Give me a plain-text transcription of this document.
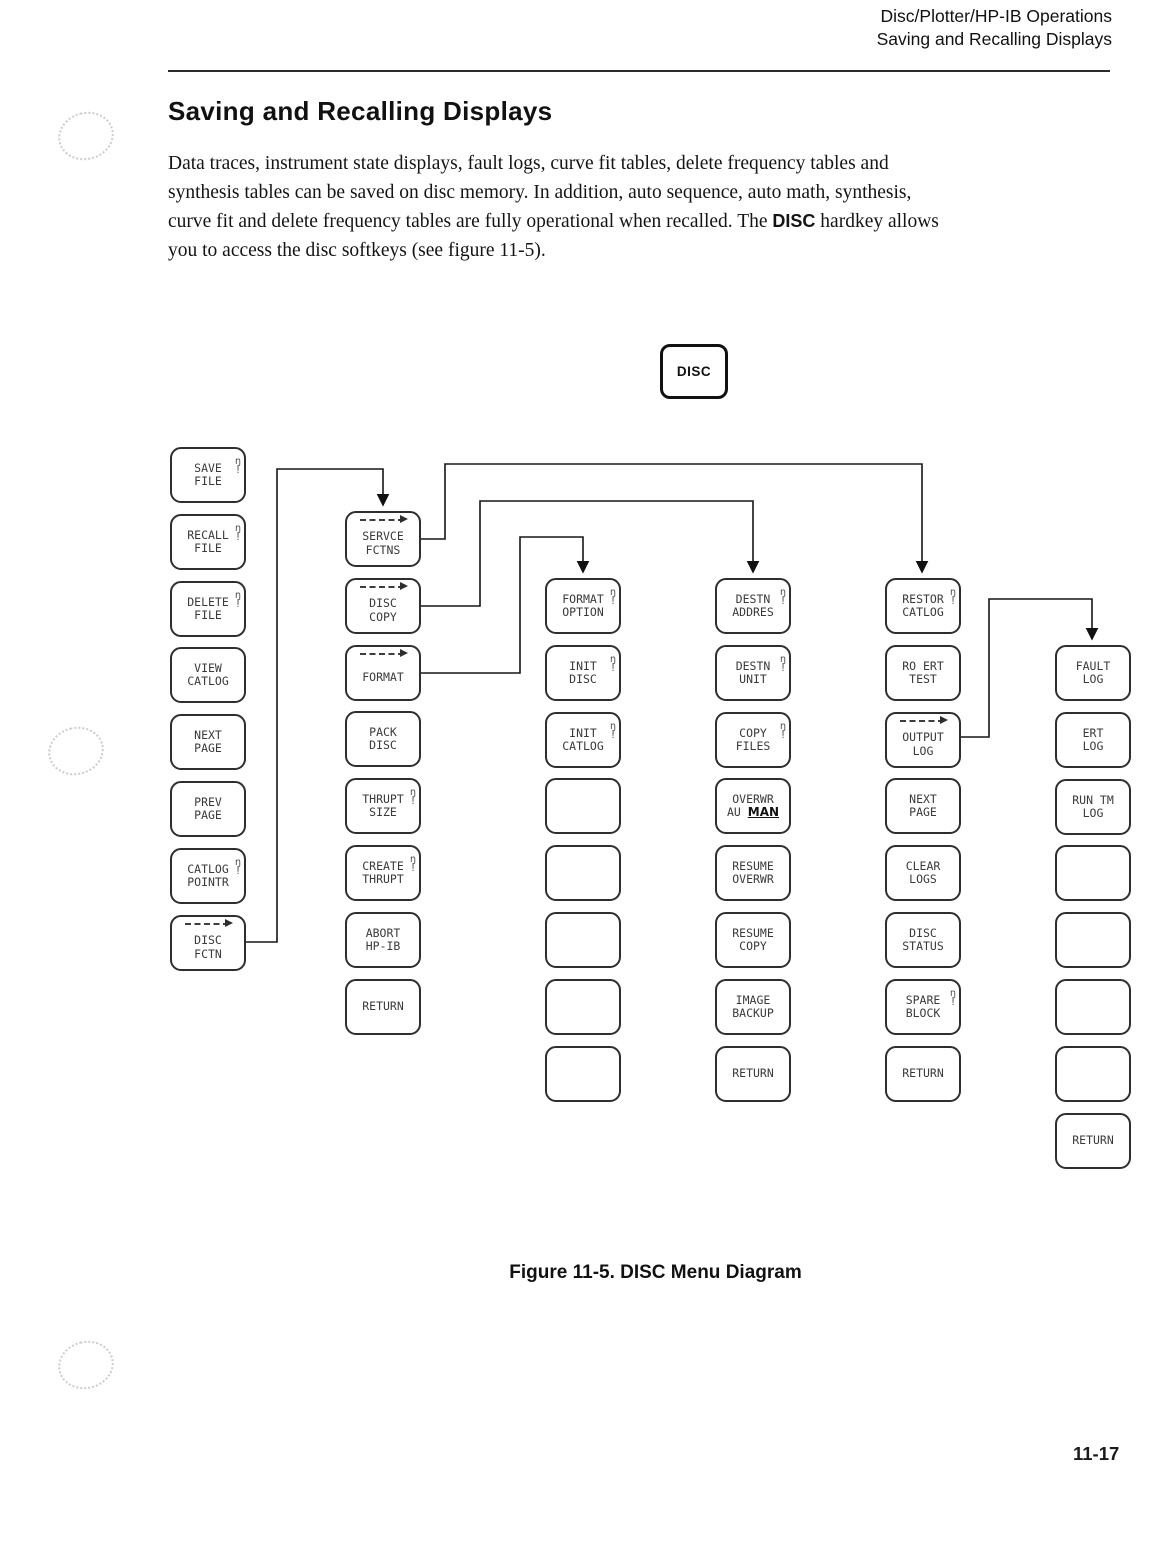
Disc/Plotter/HP-IB Operations
Saving and Recalling Displays
Saving and Recalling Displays
Data traces, instrument state displays, fault logs, curve fit tables, delete frequency tables and
synthesis tables can be saved on disc memory. In addition, auto sequence, auto math, synthesis,
curve fit and delete frequency tables are fully operational when recalled. The DISC hardkey allows
you to access the disc softkeys (see figure 11-5).
DISC
SAVE
FILE
ŋ
!
RECALL
FILE
ŋ
!
DELETE
FILE
ŋ
!
VIEW
CATLOG
NEXT
PAGE
PREV
PAGE
CATLOG
POINTR
ŋ
!
DISC
FCTN
SERVCE
FCTNS
DISC
COPY
FORMAT
PACK
DISC
THRUPT
SIZE
ŋ
!
CREATE
THRUPT
ŋ
!
ABORT
HP-IB
RETURN
FORMAT
OPTION
ŋ
!
INIT
DISC
ŋ
!
INIT
CATLOG
ŋ
!
DESTN
ADDRES
ŋ
!
DESTN
UNIT
ŋ
!
COPY
FILES
ŋ
!
OVERWR
AU MAN
RESUME
OVERWR
RESUME
COPY
IMAGE
BACKUP
RETURN
RESTOR
CATLOG
ŋ
!
RO ERT
TEST
OUTPUT
LOG
NEXT
PAGE
CLEAR
LOGS
DISC
STATUS
SPARE
BLOCK
ŋ
!
RETURN
FAULT
LOG
ERT
LOG
RUN TM
LOG
RETURN
Figure 11-5. DISC Menu Diagram
11-17
